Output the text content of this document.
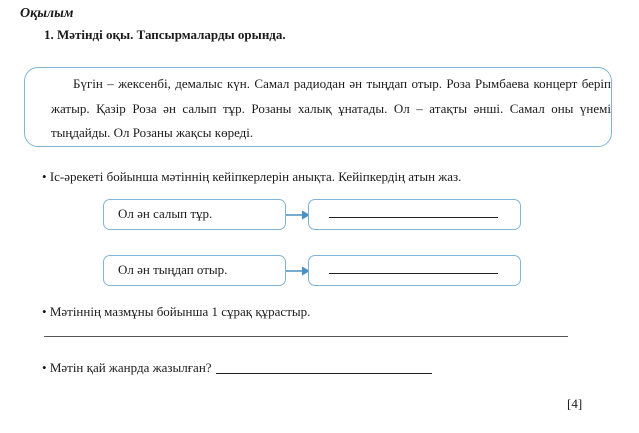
Оқылым
1. Мәтінді оқы. Тапсырмаларды орында.
Бүгін – жексенбі, демалыс күн. Самал радиодан ән тыңдап отыр. Роза Рымбаева концерт беріп жатыр. Қазір Роза ән салып тұр. Розаны халық ұнатады. Ол – атақты әнші. Самал оны үнемі тыңдайды. Ол Розаны жақсы көреді.
• Іс-әрекеті бойынша мәтіннің кейіпкерлерін анықта. Кейіпкердің атын жаз.
Ол ән салып тұр.
Ол ән тыңдап отыр.
• Мәтіннің мазмұны бойынша 1 сұрақ құрастыр.
• Мәтін қай жанрда жазылған?
[4]
